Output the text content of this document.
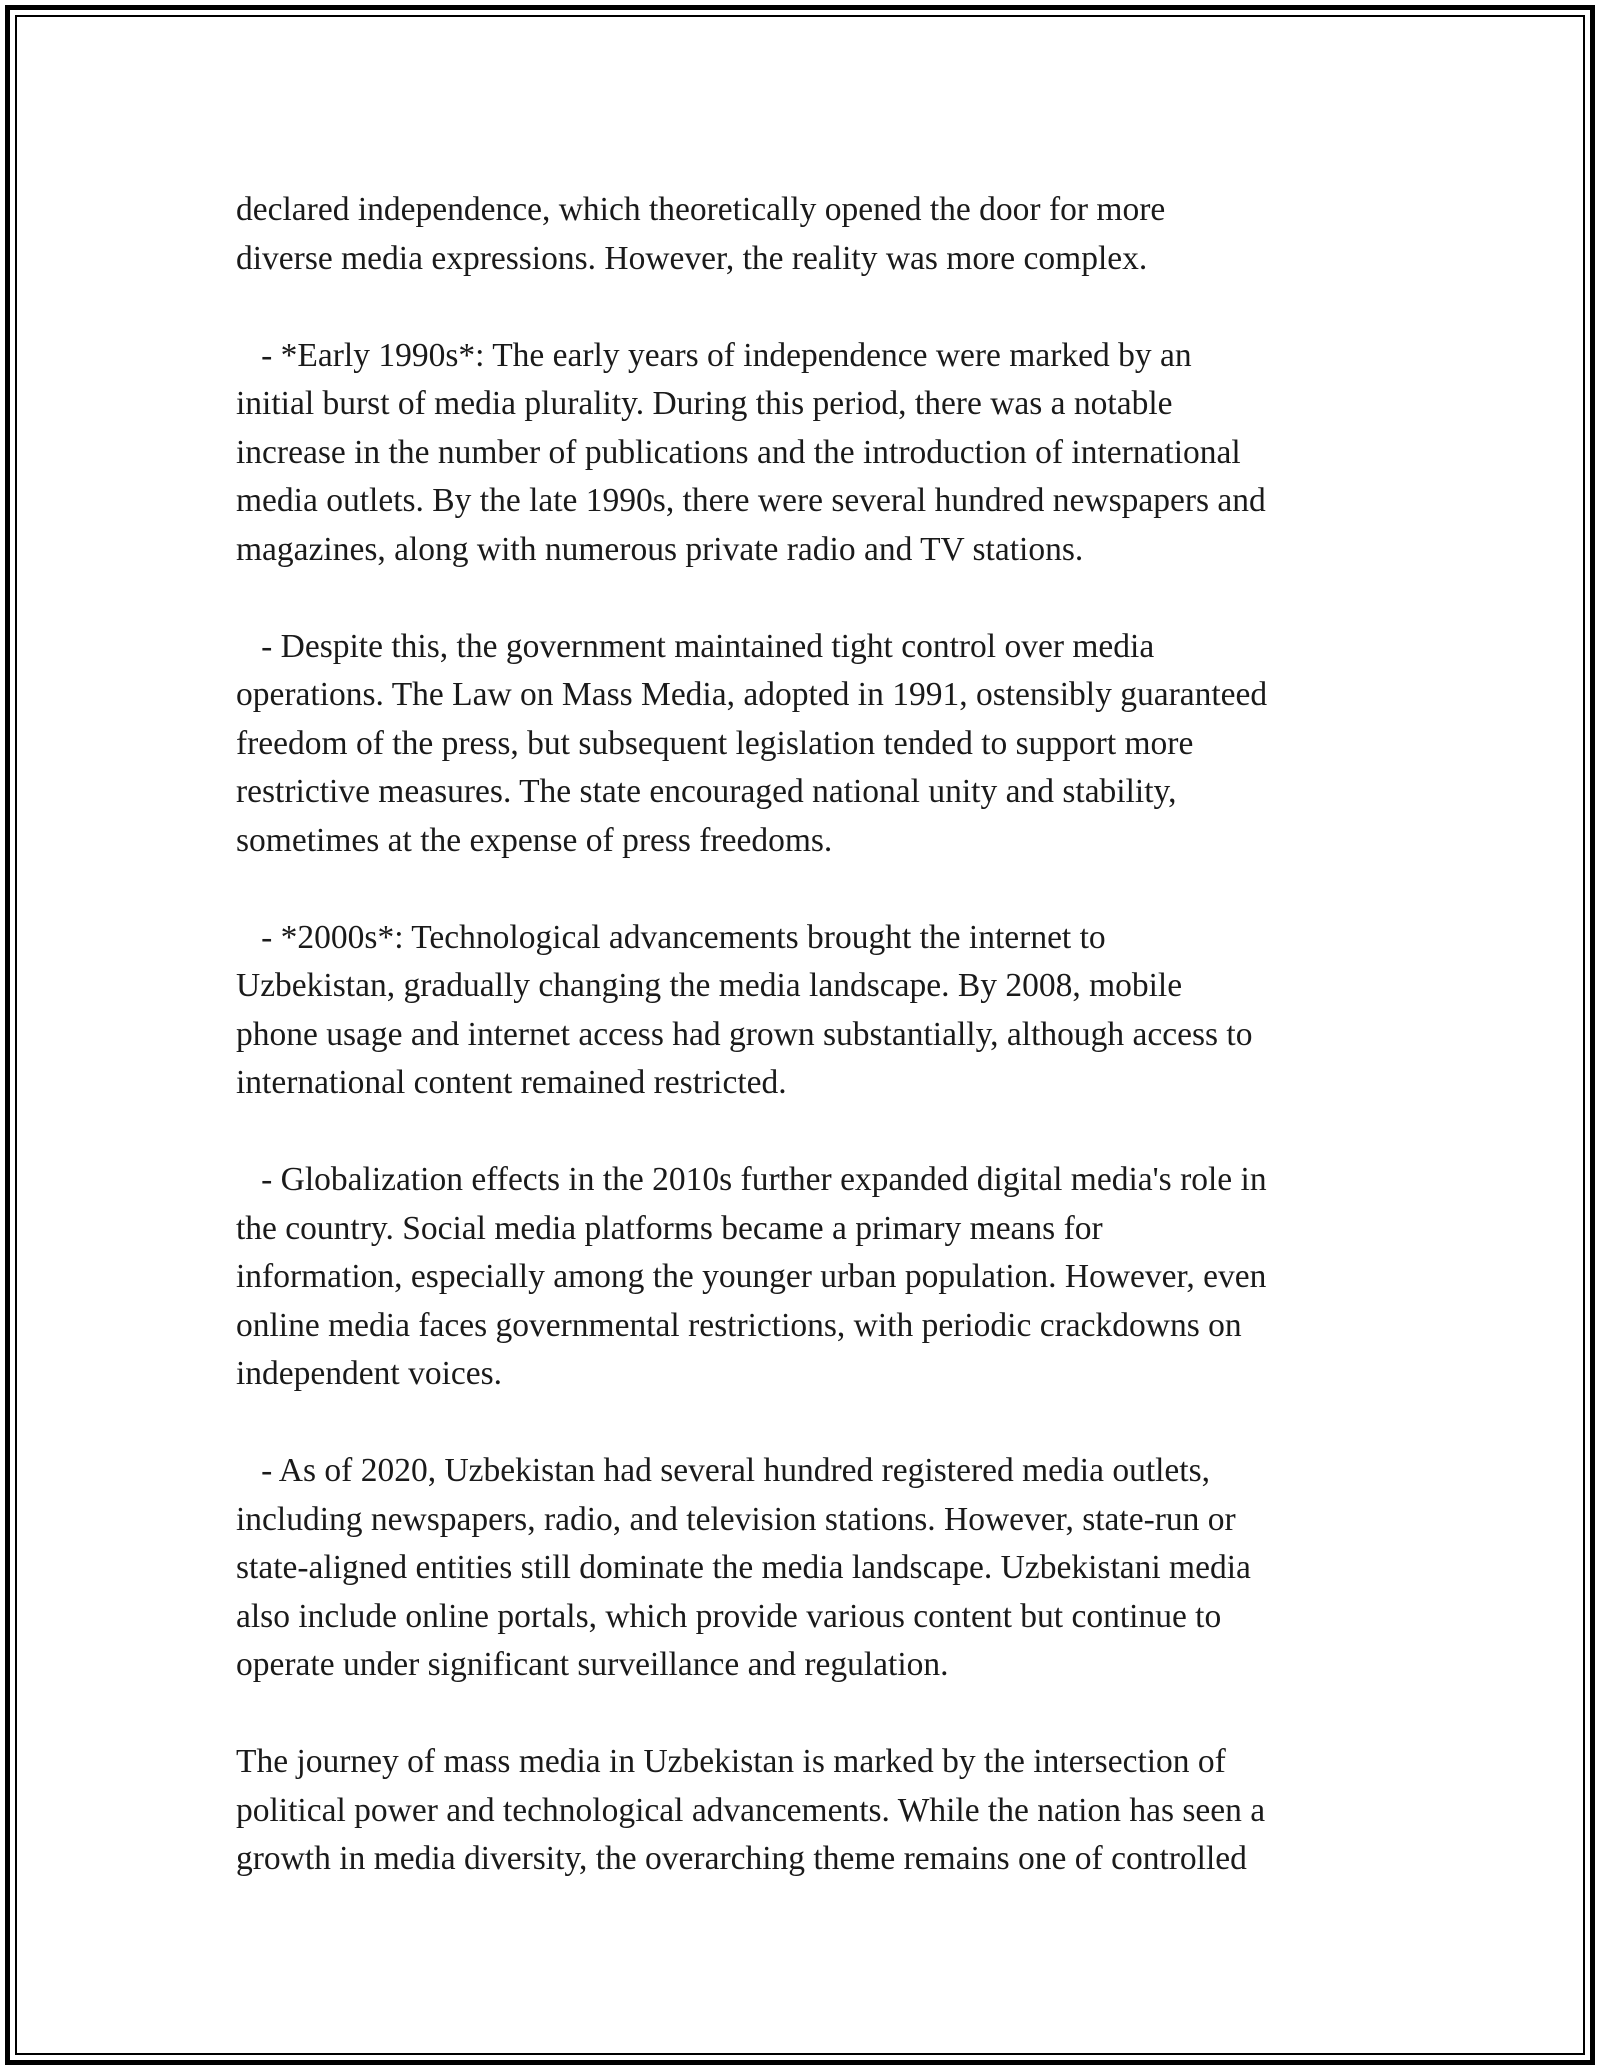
declared independence, which theoretically opened the door for more
diverse media expressions. However, the reality was more complex.

- *Early 1990s*: The early years of independence were marked by an
initial burst of media plurality. During this period, there was a notable
increase in the number of publications and the introduction of international
media outlets. By the late 1990s, there were several hundred newspapers and
magazines, along with numerous private radio and TV stations.

- Despite this, the government maintained tight control over media
operations. The Law on Mass Media, adopted in 1991, ostensibly guaranteed
freedom of the press, but subsequent legislation tended to support more
restrictive measures. The state encouraged national unity and stability,
sometimes at the expense of press freedoms.

- *2000s*: Technological advancements brought the internet to
Uzbekistan, gradually changing the media landscape. By 2008, mobile
phone usage and internet access had grown substantially, although access to
international content remained restricted.

- Globalization effects in the 2010s further expanded digital media's role in
the country. Social media platforms became a primary means for
information, especially among the younger urban population. However, even
online media faces governmental restrictions, with periodic crackdowns on
independent voices.

- As of 2020, Uzbekistan had several hundred registered media outlets,
including newspapers, radio, and television stations. However, state-run or
state-aligned entities still dominate the media landscape. Uzbekistani media
also include online portals, which provide various content but continue to
operate under significant surveillance and regulation.

The journey of mass media in Uzbekistan is marked by the intersection of
political power and technological advancements. While the nation has seen a
growth in media diversity, the overarching theme remains one of controlled
